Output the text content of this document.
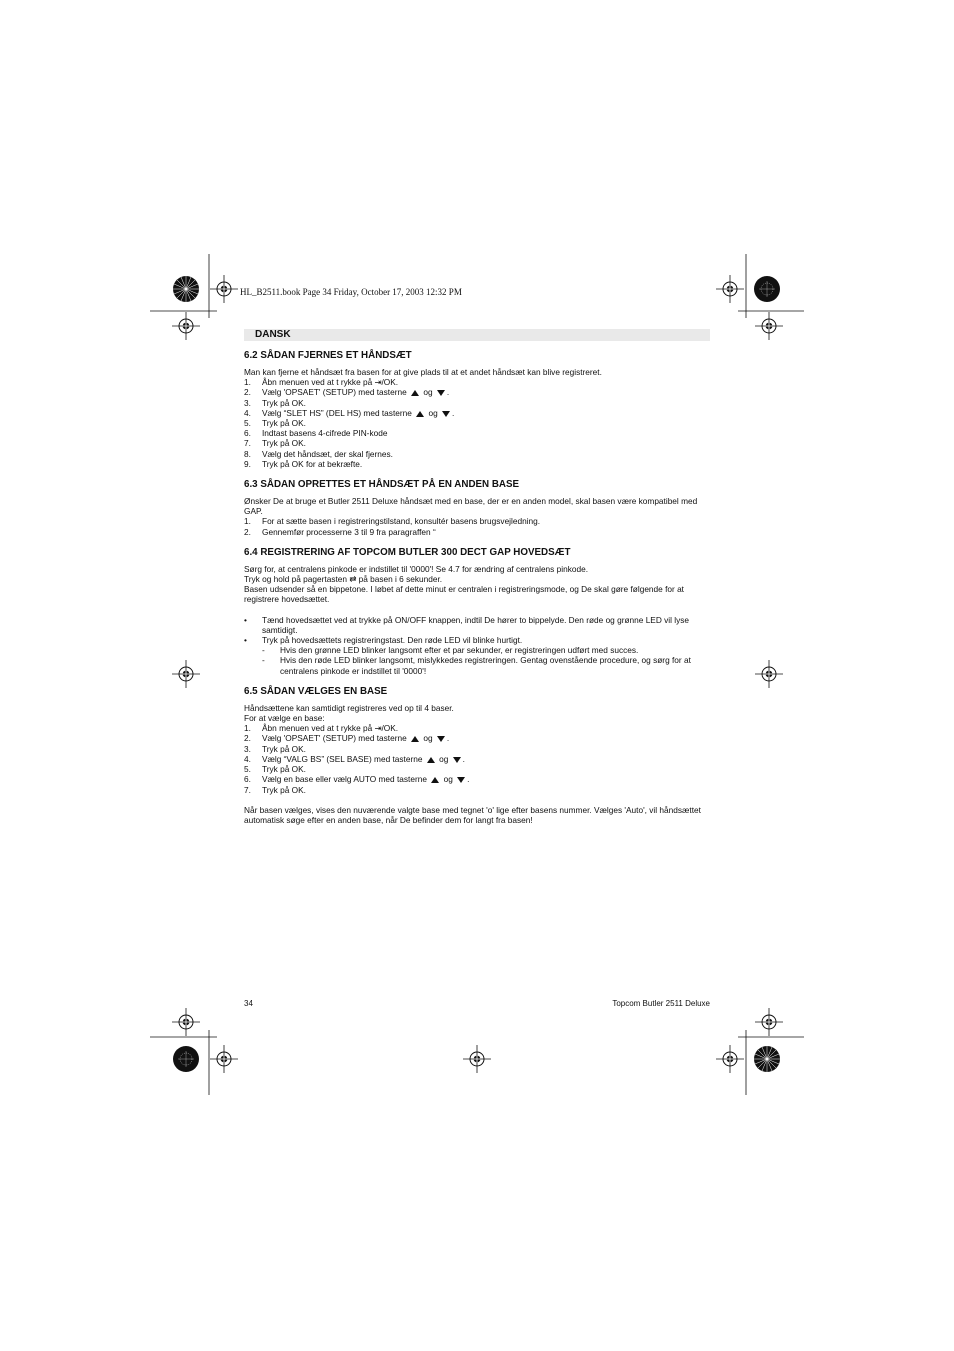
HL_B2511.book Page 34 Friday, October 17, 2003 12:32 PM
DANSK
6.2 SÅDAN FJERNES ET HÅNDSÆT

Man kan fjerne et håndsæt fra basen for at give plads til at et andet håndsæt kan blive registreret.

1. Åbn menuen ved at t rykke på ⇥/OK.
2. Vælg 'OPSAET' (SETUP) med tasterne og .
3. Tryk på OK.
4. Vælg “SLET HS” (DEL HS) med tasterne og .
5. Tryk på OK.
6. Indtast basens 4-cifrede PIN-kode
7. Tryk på OK.
8. Vælg det håndsæt, der skal fjernes.
9. Tryk på OK for at bekræfte.
6.3 SÅDAN OPRETTES ET HÅNDSÆT PÅ EN ANDEN BASE

Ønsker De at bruge et Butler 2511 Deluxe håndsæt med en base, der er en anden model, skal basen være kompatibel med GAP.

1. For at sætte basen i registreringstilstand, konsultér basens brugsvejledning.
2. Gennemfør processerne 3 til 9 fra paragraffen “
6.4 REGISTRERING AF TOPCOM BUTLER 300 DECT GAP HOVEDSÆT

Sørg for, at centralens pinkode er indstillet til '0000'! Se 4.7 for ændring af centralens pinkode.

Tryk og hold på pagertasten ⇄ på basen i 6 sekunder.

Basen udsender så en bippetone. I løbet af dette minut er centralen i registreringsmode, og De skal gøre følgende for at registrere hovedsættet.

• Tænd hovedsættet ved at trykke på ON/OFF knappen, indtil De hører to bippelyde. Den røde og grønne LED vil lyse samtidigt.
• Tryk på hovedsættets registreringstast. Den røde LED vil blinke hurtigt.
- Hvis den grønne LED blinker langsomt efter et par sekunder, er registreringen udført med succes.
- Hvis den røde LED blinker langsomt, mislykkedes registreringen. Gentag ovenstående procedure, og sørg for at centralens pinkode er indstillet til '0000'!
6.5 SÅDAN VÆLGES EN BASE

Håndsættene kan samtidigt registreres ved op til 4 baser.

For at vælge en base:

1. Åbn menuen ved at t rykke på ⇥/OK.
2. Vælg 'OPSAET' (SETUP) med tasterne og .
3. Tryk på OK.
4. Vælg “VALG BS” (SEL BASE) med tasterne og .
5. Tryk på OK.
6. Vælg en base eller vælg AUTO med tasterne og .
7. Tryk på OK.

Når basen vælges, vises den nuværende valgte base med tegnet 'o' lige efter basens nummer. Vælges 'Auto', vil håndsættet automatisk søge efter en anden base, når De befinder dem for langt fra basen!

34	Topcom Butler 2511 Deluxe
